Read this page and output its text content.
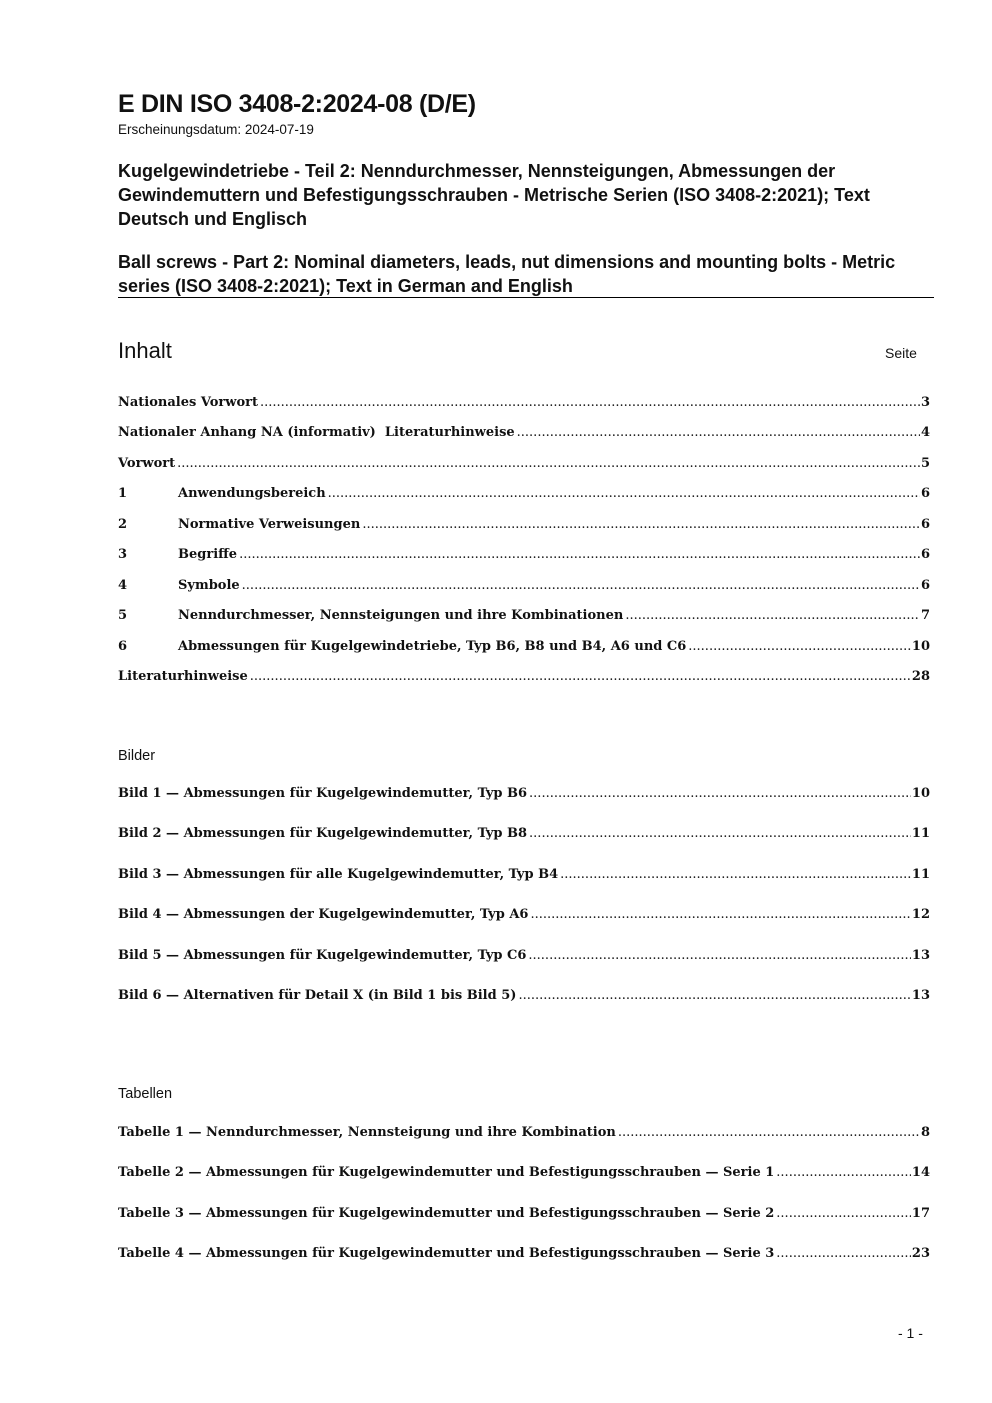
E DIN ISO 3408-2:2024-08 (D/E)
Erscheinungsdatum: 2024-07-19
Kugelgewindetriebe - Teil 2: Nenndurchmesser, Nennsteigungen, Abmessungen der Gewindemuttern und Befestigungsschrauben - Metrische Serien (ISO 3408-2:2021); Text Deutsch und Englisch
Ball screws - Part 2: Nominal diameters, leads, nut dimensions and mounting bolts - Metric series (ISO 3408-2:2021); Text in German and English
Inhalt	Seite
Nationales Vorwort .....	3
Nationaler Anhang NA (informativ)  Literaturhinweise .....	4
Vorwort .....	5
1	Anwendungsbereich .....	6
2	Normative Verweisungen .....	6
3	Begriffe .....	6
4	Symbole .....	6
5	Nenndurchmesser, Nennsteigungen und ihre Kombinationen .....	7
6	Abmessungen für Kugelgewindetriebe, Typ B6, B8 und B4, A6 und C6 .....	10
Literaturhinweise .....	28
Bilder
Bild 1 — Abmessungen für Kugelgewindemutter, Typ B6 .....	10
Bild 2 — Abmessungen für Kugelgewindemutter, Typ B8 .....	11
Bild 3 — Abmessungen für alle Kugelgewindemutter, Typ B4 .....	11
Bild 4 — Abmessungen der Kugelgewindemutter, Typ A6 .....	12
Bild 5 — Abmessungen für Kugelgewindemutter, Typ C6 .....	13
Bild 6 — Alternativen für Detail X (in Bild 1 bis Bild 5) .....	13
Tabellen
Tabelle 1 — Nenndurchmesser, Nennsteigung und ihre Kombination .....	8
Tabelle 2 — Abmessungen für Kugelgewindemutter und Befestigungsschrauben — Serie 1 .....	14
Tabelle 3 — Abmessungen für Kugelgewindemutter und Befestigungsschrauben — Serie 2 .....	17
Tabelle 4 — Abmessungen für Kugelgewindemutter und Befestigungsschrauben — Serie 3 .....	23
- 1 -
